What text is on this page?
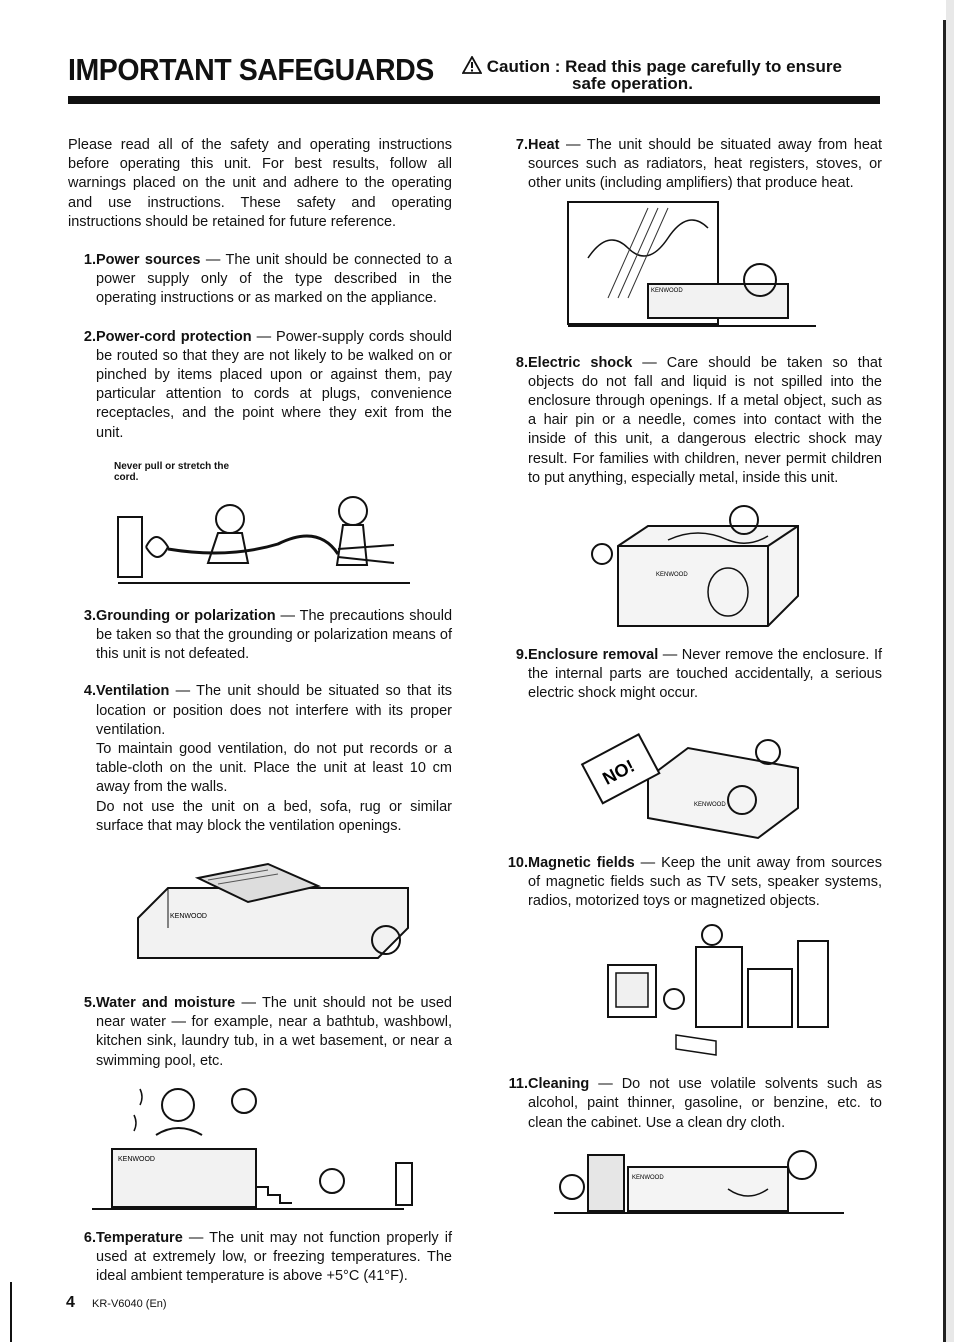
IMPORTANT SAFEGUARDS	Caution : Read this page carefully to ensure
safe operation.

Please read all of the safety and operating instructions before operating this unit. For best results, follow all warnings placed on the unit and adhere to the operating and use instructions. These safety and operating instructions should be retained for future reference.

1. Power sources — The unit should be connected to a power supply only of the type described in the operating instructions or as marked on the appliance.
2. Power-cord protection — Power-supply cords should be routed so that they are not likely to be walked on or pinched by items placed upon or against them, pay particular attention to cords at plugs, convenience receptacles, and the point where they exit from the unit.
Never pull or stretch the cord.
3. Grounding or polarization — The precautions should be taken so that the grounding or polarization means of this unit is not defeated.
4. Ventilation — The unit should be situated so that its location or position does not interfere with its proper ventilation.
To maintain good ventilation, do not put records or a table-cloth on the unit. Place the unit at least 10 cm away from the walls.
Do not use the unit on a bed, sofa, rug or similar surface that may block the ventilation openings.
KENWOOD
5. Water and moisture — The unit should not be used near water — for example, near a bathtub, washbowl, kitchen sink, laundry tub, in a wet basement, or near a swimming pool, etc.
KENWOOD
6. Temperature — The unit may not function properly if used at extremely low, or freezing temperatures. The ideal ambient temperature is above +5°C (41°F).
7. Heat — The unit should be situated away from heat sources such as radiators, heat registers, stoves, or other units (including amplifiers) that produce heat.
KENWOOD
8. Electric shock — Care should be taken so that objects do not fall and liquid is not spilled into the enclosure through openings. If a metal object, such as a hair pin or a needle, comes into contact with the inside of this unit, a dangerous electric shock may result. For families with children, never permit children to put anything, especially metal, inside this unit.
KENWOOD
9. Enclosure removal — Never remove the enclosure. If the internal parts are touched accidentally, a serious electric shock might occur.
NO!
KENWOOD
10. Magnetic fields — Keep the unit away from sources of magnetic fields such as TV sets, speaker systems, radios, motorized toys or magnetized objects.
11. Cleaning — Do not use volatile solvents such as alcohol, paint thinner, gasoline, or benzine, etc. to clean the cabinet. Use a clean dry cloth.
KENWOOD
4 KR-V6040 (En)
